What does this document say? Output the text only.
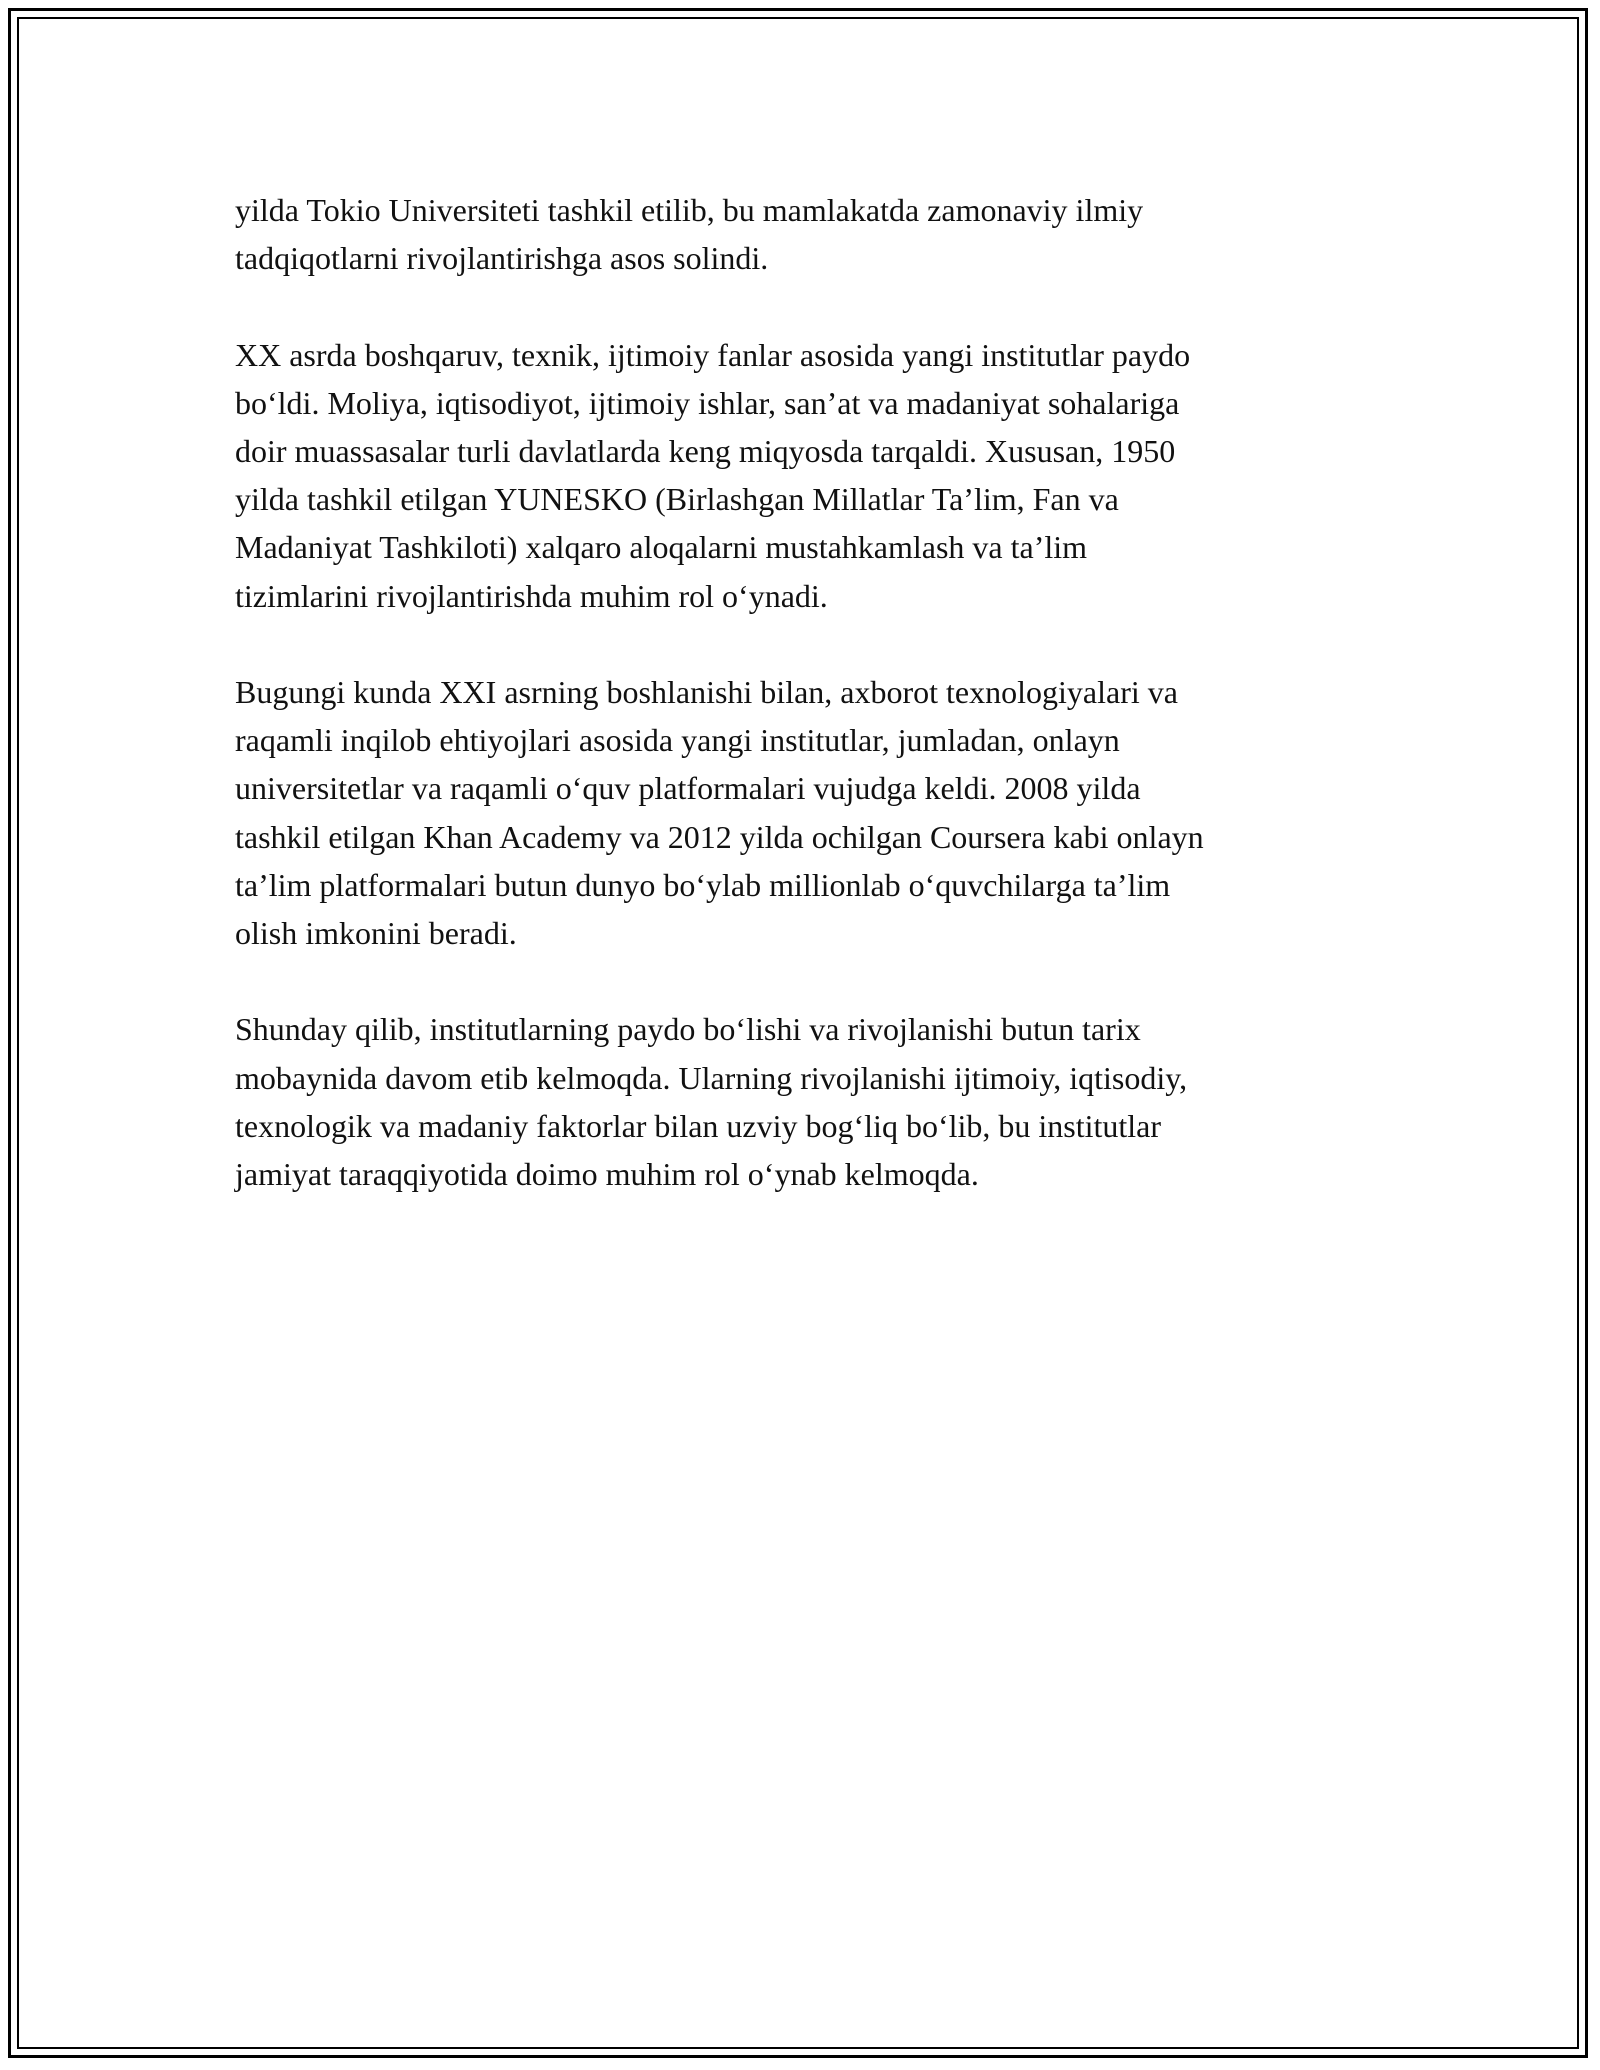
yilda Tokio Universiteti tashkil etilib, bu mamlakatda zamonaviy ilmiy
tadqiqotlarni rivojlantirishga asos solindi.

XX asrda boshqaruv, texnik, ijtimoiy fanlar asosida yangi institutlar paydo
bo‘ldi. Moliya, iqtisodiyot, ijtimoiy ishlar, san’at va madaniyat sohalariga
doir muassasalar turli davlatlarda keng miqyosda tarqaldi. Xususan, 1950
yilda tashkil etilgan YUNESKO (Birlashgan Millatlar Ta’lim, Fan va
Madaniyat Tashkiloti) xalqaro aloqalarni mustahkamlash va ta’lim
tizimlarini rivojlantirishda muhim rol o‘ynadi.

Bugungi kunda XXI asrning boshlanishi bilan, axborot texnologiyalari va
raqamli inqilob ehtiyojlari asosida yangi institutlar, jumladan, onlayn
universitetlar va raqamli o‘quv platformalari vujudga keldi. 2008 yilda
tashkil etilgan Khan Academy va 2012 yilda ochilgan Coursera kabi onlayn
ta’lim platformalari butun dunyo bo‘ylab millionlab o‘quvchilarga ta’lim
olish imkonini beradi.

Shunday qilib, institutlarning paydo bo‘lishi va rivojlanishi butun tarix
mobaynida davom etib kelmoqda. Ularning rivojlanishi ijtimoiy, iqtisodiy,
texnologik va madaniy faktorlar bilan uzviy bog‘liq bo‘lib, bu institutlar
jamiyat taraqqiyotida doimo muhim rol o‘ynab kelmoqda.
